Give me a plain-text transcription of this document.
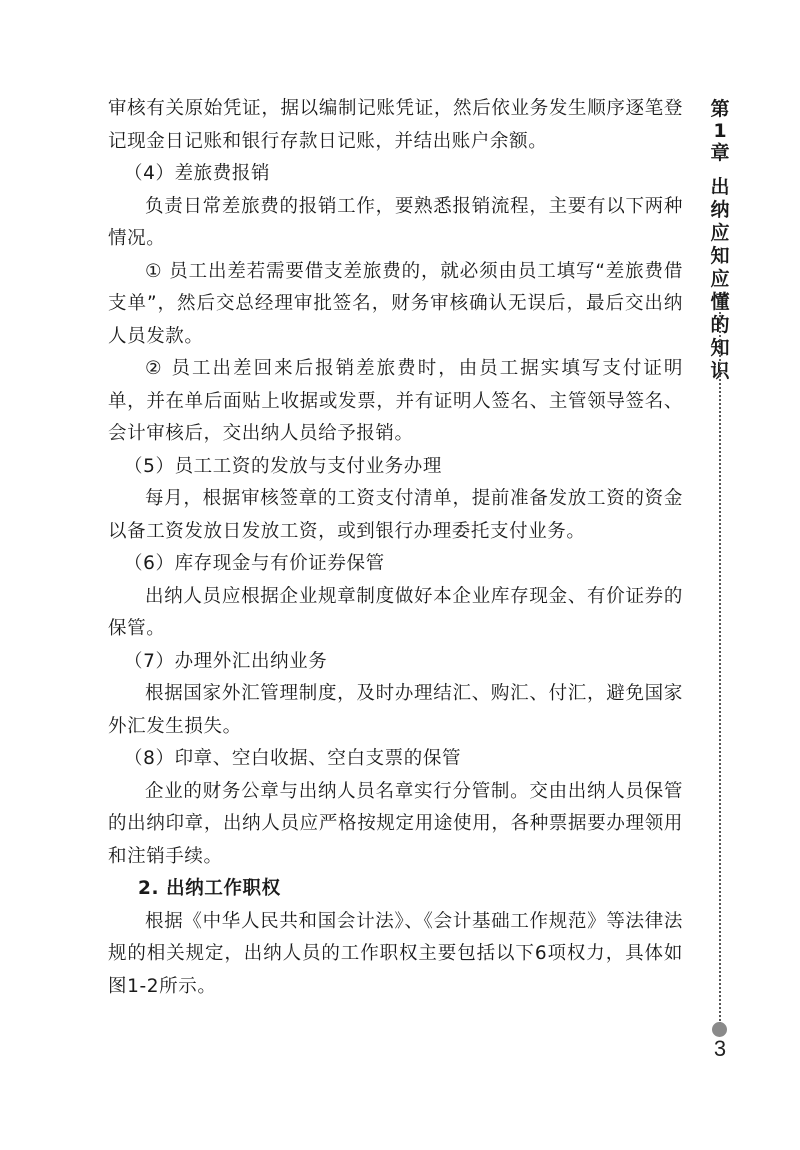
审核有关原始凭证，据以编制记账凭证，然后依业务发生顺序逐笔登记现金日记账和银行存款日记账，并结出账户余额。

（4）差旅费报销

负责日常差旅费的报销工作，要熟悉报销流程，主要有以下两种情况。

① 员工出差若需要借支差旅费的，就必须由员工填写“差旅费借支单”，然后交总经理审批签名，财务审核确认无误后，最后交出纳人员发款。

② 员工出差回来后报销差旅费时，由员工据实填写支付证明单，并在单后面贴上收据或发票，并有证明人签名、主管领导签名、会计审核后，交出纳人员给予报销。

（5）员工工资的发放与支付业务办理

每月，根据审核签章的工资支付清单，提前准备发放工资的资金以备工资发放日发放工资，或到银行办理委托支付业务。

（6）库存现金与有价证券保管

出纳人员应根据企业规章制度做好本企业库存现金、有价证券的保管。

（7）办理外汇出纳业务

根据国家外汇管理制度，及时办理结汇、购汇、付汇，避免国家外汇发生损失。

（8）印章、空白收据、空白支票的保管

企业的财务公章与出纳人员名章实行分管制。交由出纳人员保管的出纳印章，出纳人员应严格按规定用途使用，各种票据要办理领用和注销手续。

2. 出纳工作职权

根据《中华人民共和国会计法》、《会计基础工作规范》等法律法规的相关规定，出纳人员的工作职权主要包括以下6项权力，具体如图1-2所示。

第1章
出纳应知应懂的知识
3
